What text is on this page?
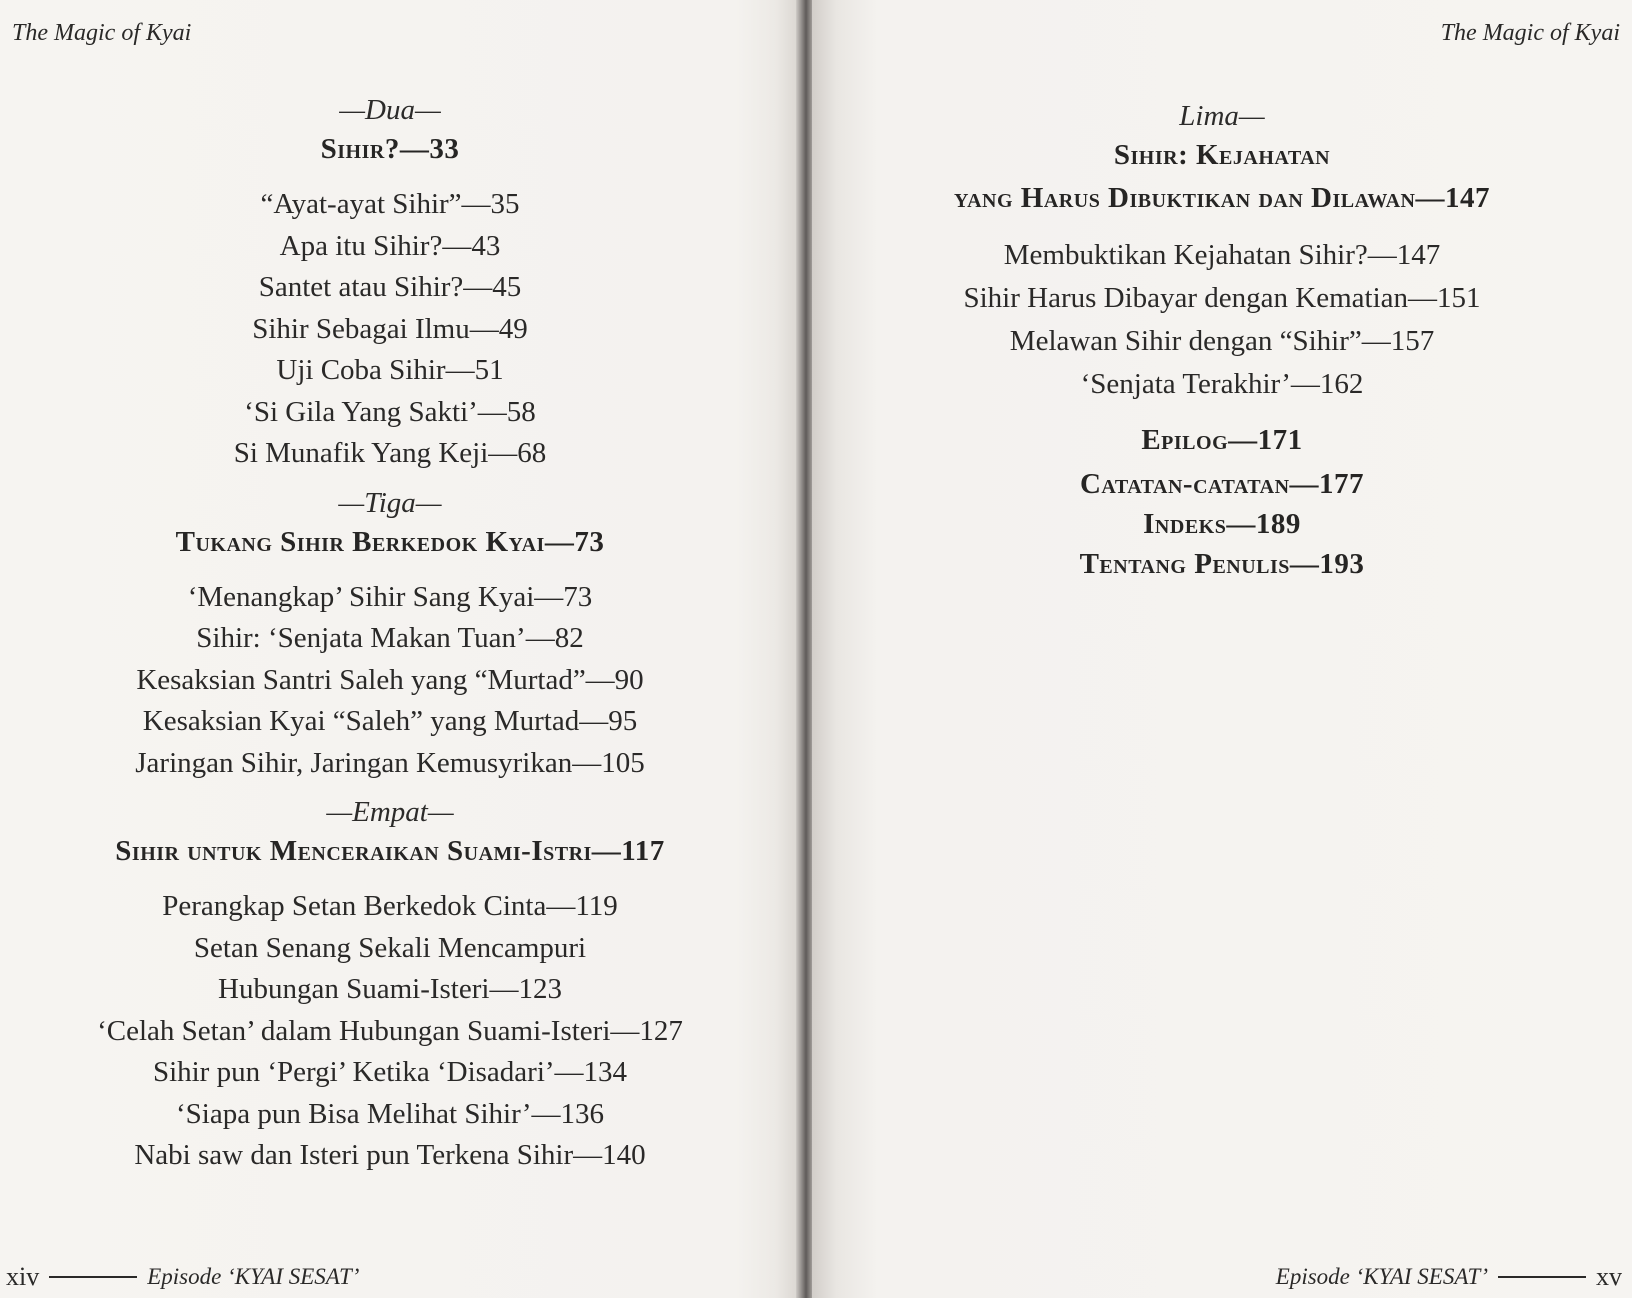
The Magic of Kyai
—Dua—
Sihir?—33
“Ayat-ayat Sihir”—35
Apa itu Sihir?—43
Santet atau Sihir?—45
Sihir Sebagai Ilmu—49
Uji Coba Sihir—51
‘Si Gila Yang Sakti’—58
Si Munafik Yang Keji—68
—Tiga—
Tukang Sihir Berkedok Kyai—73
‘Menangkap’ Sihir Sang Kyai—73
Sihir: ‘Senjata Makan Tuan’—82
Kesaksian Santri Saleh yang “Murtad”—90
Kesaksian Kyai “Saleh” yang Murtad—95
Jaringan Sihir, Jaringan Kemusyrikan—105
—Empat—
Sihir untuk Menceraikan Suami-Istri—117
Perangkap Setan Berkedok Cinta—119
Setan Senang Sekali Mencampuri
Hubungan Suami-Isteri—123
‘Celah Setan’ dalam Hubungan Suami-Isteri—127
Sihir pun ‘Pergi’ Ketika ‘Disadari’—134
‘Siapa pun Bisa Melihat Sihir’—136
Nabi saw dan Isteri pun Terkena Sihir—140
xiv	Episode ‘KYAI SESAT’
The Magic of Kyai
Lima—
Sihir: Kejahatan
yang Harus Dibuktikan dan Dilawan—147
Membuktikan Kejahatan Sihir?—147
Sihir Harus Dibayar dengan Kematian—151
Melawan Sihir dengan “Sihir”—157
‘Senjata Terakhir’—162
Epilog—171
Catatan-catatan—177
Indeks—189
Tentang Penulis—193
Episode ‘KYAI SESAT’	xv
